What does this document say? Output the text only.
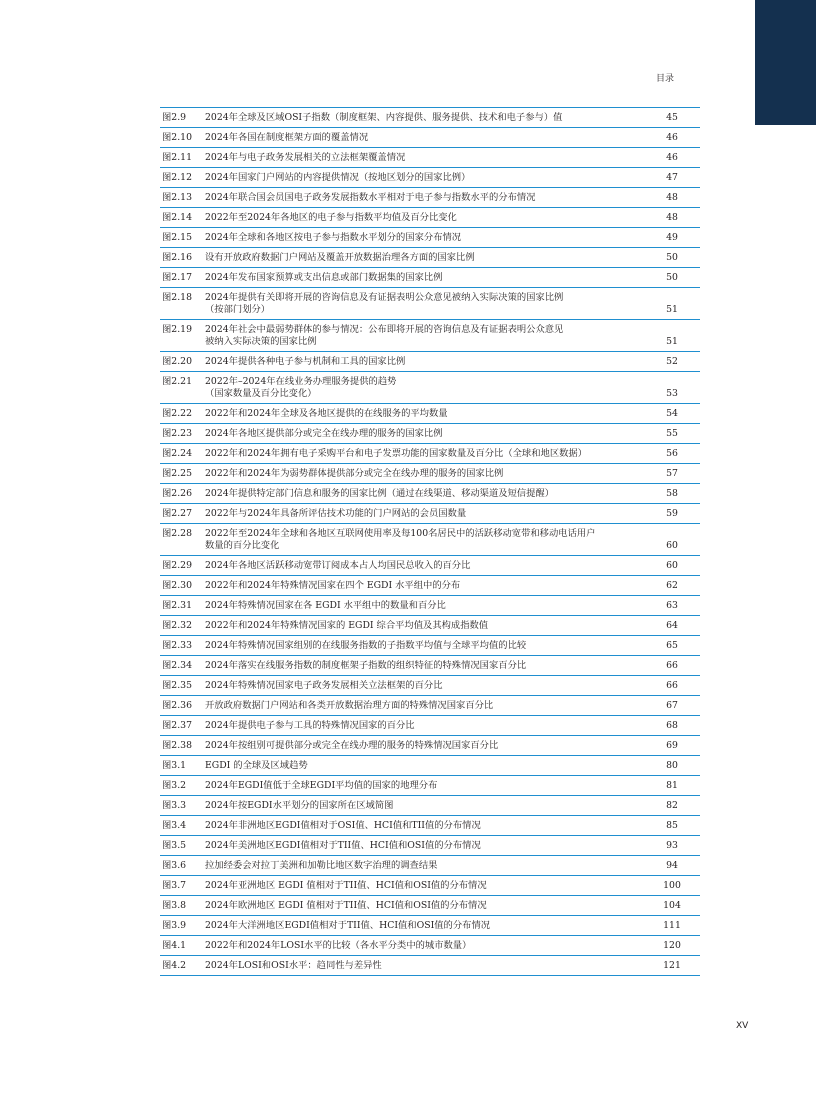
目录
图2.9	2024年全球及区域OSI子指数（制度框架、内容提供、服务提供、技术和电子参与）值	45
图2.10	2024年各国在制度框架方面的覆盖情况	46
图2.11	2024年与电子政务发展相关的立法框架覆盖情况	46
图2.12	2024年国家门户网站的内容提供情况（按地区划分的国家比例）	47
图2.13	2024年联合国会员国电子政务发展指数水平相对于电子参与指数水平的分布情况	48
图2.14	2022年至2024年各地区的电子参与指数平均值及百分比变化	48
图2.15	2024年全球和各地区按电子参与指数水平划分的国家分布情况	49
图2.16	设有开放政府数据门户网站及覆盖开放数据治理各方面的国家比例	50
图2.17	2024年发布国家预算或支出信息或部门数据集的国家比例	50
图2.18	2024年提供有关即将开展的咨询信息及有证据表明公众意见被纳入实际决策的国家比例
（按部门划分）	51
图2.19	2024年社会中最弱势群体的参与情况：公布即将开展的咨询信息及有证据表明公众意见
被纳入实际决策的国家比例	51
图2.20	2024年提供各种电子参与机制和工具的国家比例	52
图2.21	2022年–2024年在线业务办理服务提供的趋势
（国家数量及百分比变化）	53
图2.22	2022年和2024年全球及各地区提供的在线服务的平均数量	54
图2.23	2024年各地区提供部分或完全在线办理的服务的国家比例	55
图2.24	2022年和2024年拥有电子采购平台和电子发票功能的国家数量及百分比（全球和地区数据）	56
图2.25	2022年和2024年为弱势群体提供部分或完全在线办理的服务的国家比例	57
图2.26	2024年提供特定部门信息和服务的国家比例（通过在线渠道、移动渠道及短信提醒）	58
图2.27	2022年与2024年具备所评估技术功能的门户网站的会员国数量	59
图2.28	2022年至2024年全球和各地区互联网使用率及每100名居民中的活跃移动宽带和移动电话用户
数量的百分比变化	60
图2.29	2024年各地区活跃移动宽带订阅成本占人均国民总收入的百分比	60
图2.30	2022年和2024年特殊情况国家在四个 EGDI 水平组中的分布	62
图2.31	2024年特殊情况国家在各 EGDI 水平组中的数量和百分比	63
图2.32	2022年和2024年特殊情况国家的 EGDI 综合平均值及其构成指数值	64
图2.33	2024年特殊情况国家组别的在线服务指数的子指数平均值与全球平均值的比较	65
图2.34	2024年落实在线服务指数的制度框架子指数的组织特征的特殊情况国家百分比	66
图2.35	2024年特殊情况国家电子政务发展相关立法框架的百分比	66
图2.36	开放政府数据门户网站和各类开放数据治理方面的特殊情况国家百分比	67
图2.37	2024年提供电子参与工具的特殊情况国家的百分比	68
图2.38	2024年按组别可提供部分或完全在线办理的服务的特殊情况国家百分比	69
图3.1	EGDI 的全球及区域趋势	80
图3.2	2024年EGDI值低于全球EGDI平均值的国家的地理分布	81
图3.3	2024年按EGDI水平划分的国家所在区域简图	82
图3.4	2024年非洲地区EGDI值相对于OSI值、HCI值和TII值的分布情况	85
图3.5	2024年美洲地区EGDI值相对于TII值、HCI值和OSI值的分布情况	93
图3.6	拉加经委会对拉丁美洲和加勒比地区数字治理的调查结果	94
图3.7	2024年亚洲地区 EGDI 值相对于TII值、HCI值和OSI值的分布情况	100
图3.8	2024年欧洲地区 EGDI 值相对于TII值、HCI值和OSI值的分布情况	104
图3.9	2024年大洋洲地区EGDI值相对于TII值、HCI值和OSI值的分布情况	111
图4.1	2022年和2024年LOSI水平的比较（各水平分类中的城市数量）	120
图4.2	2024年LOSI和OSI水平：趋同性与差异性	121
XV
